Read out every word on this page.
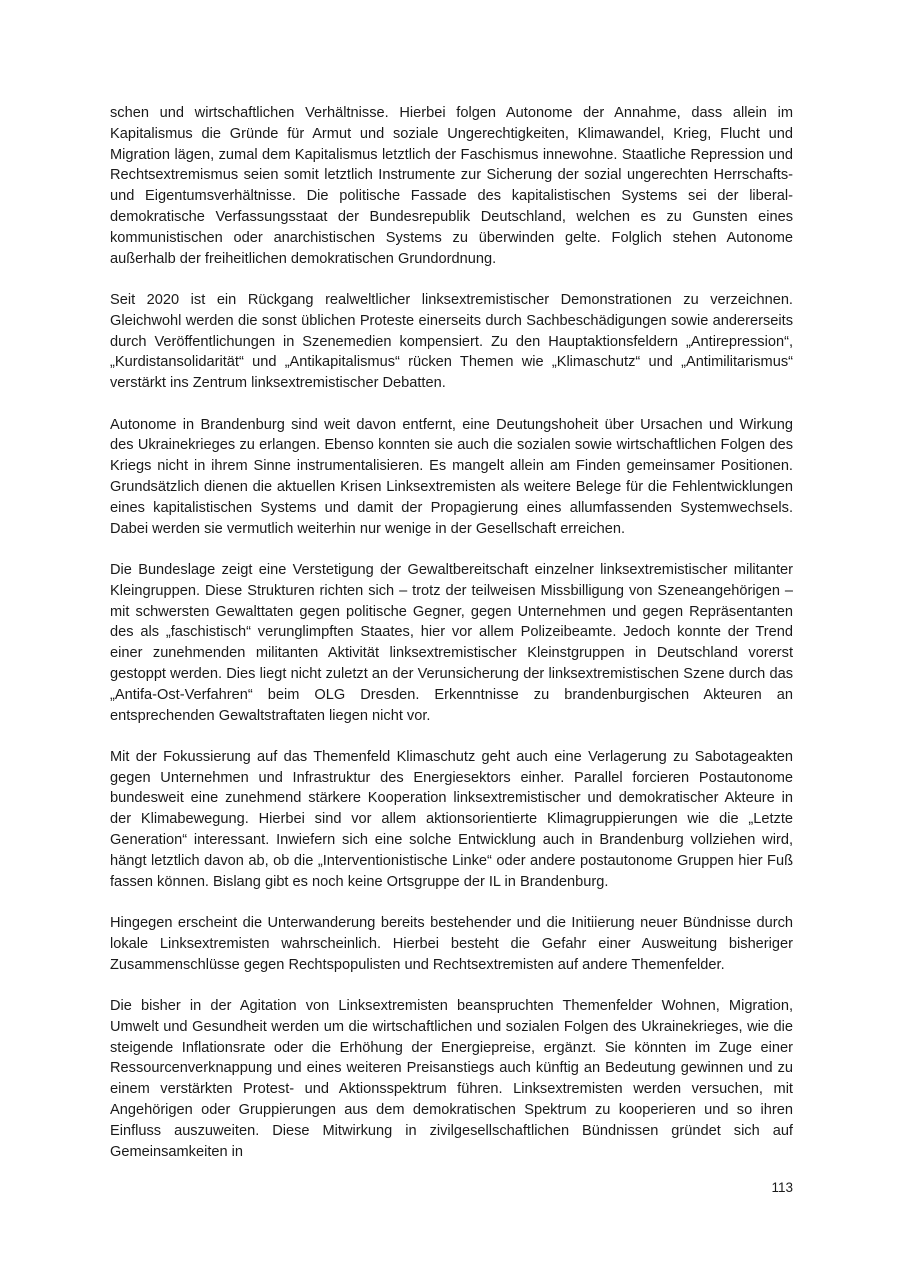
schen und wirtschaftlichen Verhältnisse. Hierbei folgen Autonome der Annahme, dass allein im Kapitalismus die Gründe für Armut und soziale Ungerechtigkeiten, Klimawandel, Krieg, Flucht und Migration lägen, zumal dem Kapitalismus letztlich der Faschismus innewohne. Staatliche Repression und Rechtsextremismus seien somit letztlich Instrumente zur Sicherung der sozial ungerechten Herrschafts- und Eigentumsverhältnisse. Die politische Fassade des kapitalistischen Systems sei der liberal-demokratische Verfassungsstaat der Bundesrepublik Deutschland, welchen es zu Gunsten eines kommunistischen oder anarchistischen Systems zu überwinden gelte. Folglich stehen Autonome außerhalb der freiheitlichen demokratischen Grundordnung.

Seit 2020 ist ein Rückgang realweltlicher linksextremistischer Demonstrationen zu verzeichnen. Gleichwohl werden die sonst üblichen Proteste einerseits durch Sachbeschädigungen sowie andererseits durch Veröffentlichungen in Szenemedien kompensiert. Zu den Hauptaktionsfeldern „Antirepression“, „Kurdistansolidarität“ und „Antikapitalismus“ rücken Themen wie „Klimaschutz“ und „Antimilitarismus“ verstärkt ins Zentrum linksextremistischer Debatten.

Autonome in Brandenburg sind weit davon entfernt, eine Deutungshoheit über Ursachen und Wirkung des Ukrainekrieges zu erlangen. Ebenso konnten sie auch die sozialen sowie wirtschaftlichen Folgen des Kriegs nicht in ihrem Sinne instrumentalisieren. Es mangelt allein am Finden gemeinsamer Positionen. Grundsätzlich dienen die aktuellen Krisen Linksextremisten als weitere Belege für die Fehlentwicklungen eines kapitalistischen Systems und damit der Propagierung eines allumfassenden Systemwechsels. Dabei werden sie vermutlich weiterhin nur wenige in der Gesellschaft erreichen.

Die Bundeslage zeigt eine Verstetigung der Gewaltbereitschaft einzelner linksextremistischer militanter Kleingruppen. Diese Strukturen richten sich – trotz der teilweisen Missbilligung von Szeneangehörigen – mit schwersten Gewalttaten gegen politische Gegner, gegen Unternehmen und gegen Repräsentanten des als „faschistisch“ verunglimpften Staates, hier vor allem Polizeibeamte. Jedoch konnte der Trend einer zunehmenden militanten Aktivität linksextremistischer Kleinstgruppen in Deutschland vorerst gestoppt werden. Dies liegt nicht zuletzt an der Verunsicherung der linksextremistischen Szene durch das „Antifa-Ost-Verfahren“ beim OLG Dresden. Erkenntnisse zu brandenburgischen Akteuren an entsprechenden Gewaltstraftaten liegen nicht vor.

Mit der Fokussierung auf das Themenfeld Klimaschutz geht auch eine Verlagerung zu Sabotageakten gegen Unternehmen und Infrastruktur des Energiesektors einher. Parallel forcieren Postautonome bundesweit eine zunehmend stärkere Kooperation linksextremistischer und demokratischer Akteure in der Klimabewegung. Hierbei sind vor allem aktionsorientierte Klimagruppierungen wie die „Letzte Generation“ interessant. Inwiefern sich eine solche Entwicklung auch in Brandenburg vollziehen wird, hängt letztlich davon ab, ob die „Interventionistische Linke“ oder andere postautonome Gruppen hier Fuß fassen können. Bislang gibt es noch keine Ortsgruppe der IL in Brandenburg.

Hingegen erscheint die Unterwanderung bereits bestehender und die Initiierung neuer Bündnisse durch lokale Linksextremisten wahrscheinlich. Hierbei besteht die Gefahr einer Ausweitung bisheriger Zusammenschlüsse gegen Rechtspopulisten und Rechtsextremisten auf andere Themenfelder.

Die bisher in der Agitation von Linksextremisten beanspruchten Themenfelder Wohnen, Migration, Umwelt und Gesundheit werden um die wirtschaftlichen und sozialen Folgen des Ukrainekrieges, wie die steigende Inflationsrate oder die Erhöhung der Energiepreise, ergänzt. Sie könnten im Zuge einer Ressourcenverknappung und eines weiteren Preisanstiegs auch künftig an Bedeutung gewinnen und zu einem verstärkten Protest- und Aktionsspektrum führen. Linksextremisten werden versuchen, mit Angehörigen oder Gruppierungen aus dem demokratischen Spektrum zu kooperieren und so ihren Einfluss auszuweiten. Diese Mitwirkung in zivilgesellschaftlichen Bündnissen gründet sich auf Gemeinsamkeiten in

113
